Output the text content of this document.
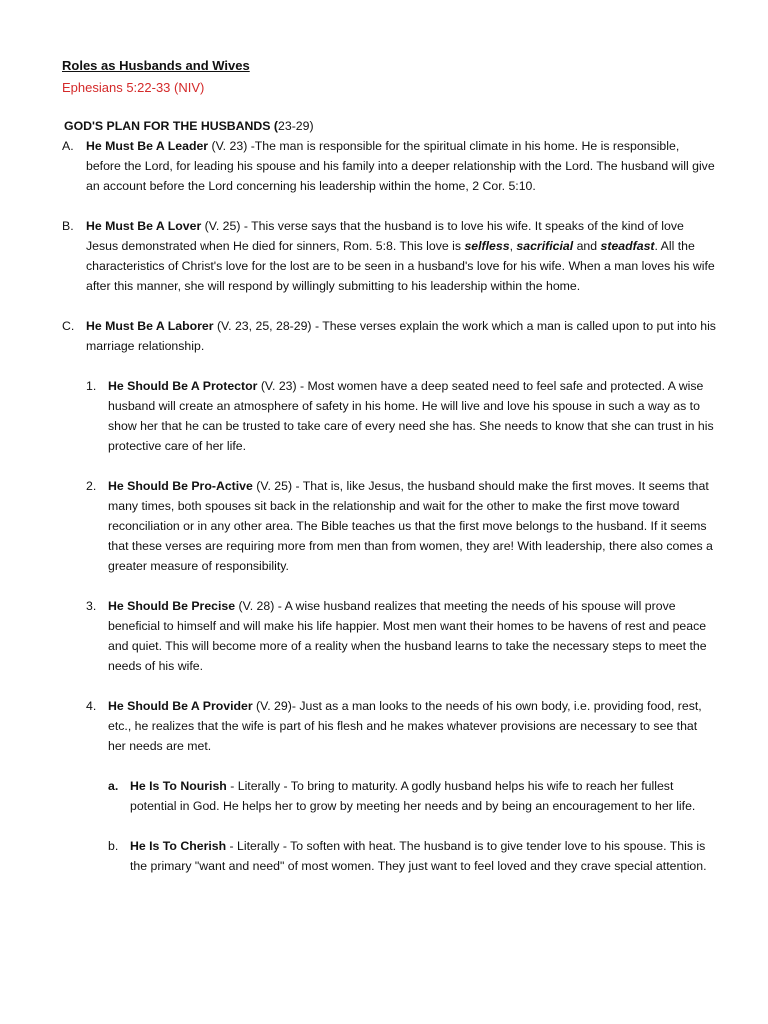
Roles as Husbands and Wives

Ephesians 5:22-33 (NIV)

GOD'S PLAN FOR THE HUSBANDS (23-29)

A.	He Must Be A Leader (V. 23) -The man is responsible for the spiritual climate in his home. He is responsible, before the Lord, for leading his spouse and his family into a deeper relationship with the Lord. The husband will give an account before the Lord concerning his leadership within the home, 2 Cor. 5:10.
B.	He Must Be A Lover (V. 25) - This verse says that the husband is to love his wife. It speaks of the kind of love Jesus demonstrated when He died for sinners, Rom. 5:8. This love is selfless, sacrificial and steadfast. All the characteristics of Christ's love for the lost are to be seen in a husband's love for his wife. When a man loves his wife after this manner, she will respond by willingly submitting to his leadership within the home.
C. He Must Be A Laborer (V. 23, 25, 28-29) - These verses explain the work which a man is called upon to put into his marriage relationship.
1. He Should Be A Protector (V. 23) - Most women have a deep seated need to feel safe and protected. A wise husband will create an atmosphere of safety in his home. He will live and love his spouse in such a way as to show her that he can be trusted to take care of every need she has. She needs to know that she can trust in his protective care of her life.
2. He Should Be Pro-Active (V. 25) - That is, like Jesus, the husband should make the first moves. It seems that many times, both spouses sit back in the relationship and wait for the other to make the first move toward reconciliation or in any other area. The Bible teaches us that the first move belongs to the husband. If it seems that these verses are requiring more from men than from women, they are! With leadership, there also comes a greater measure of responsibility.
3. He Should Be Precise (V. 28) - A wise husband realizes that meeting the needs of his spouse will prove beneficial to himself and will make his life happier. Most men want their homes to be havens of rest and peace and quiet. This will become more of a reality when the husband learns to take the necessary steps to meet the needs of his wife.
4. He Should Be A Provider (V. 29)- Just as a man looks to the needs of his own body, i.e. providing food, rest, etc., he realizes that the wife is part of his flesh and he makes whatever provisions are necessary to see that her needs are met.
a. He Is To Nourish - Literally - To bring to maturity. A godly husband helps his wife to reach her fullest potential in God. He helps her to grow by meeting her needs and by being an encouragement to her life.
b. He Is To Cherish - Literally - To soften with heat. The husband is to give tender love to his spouse. This is the primary "want and need" of most women. They just want to feel loved and they crave special attention.
